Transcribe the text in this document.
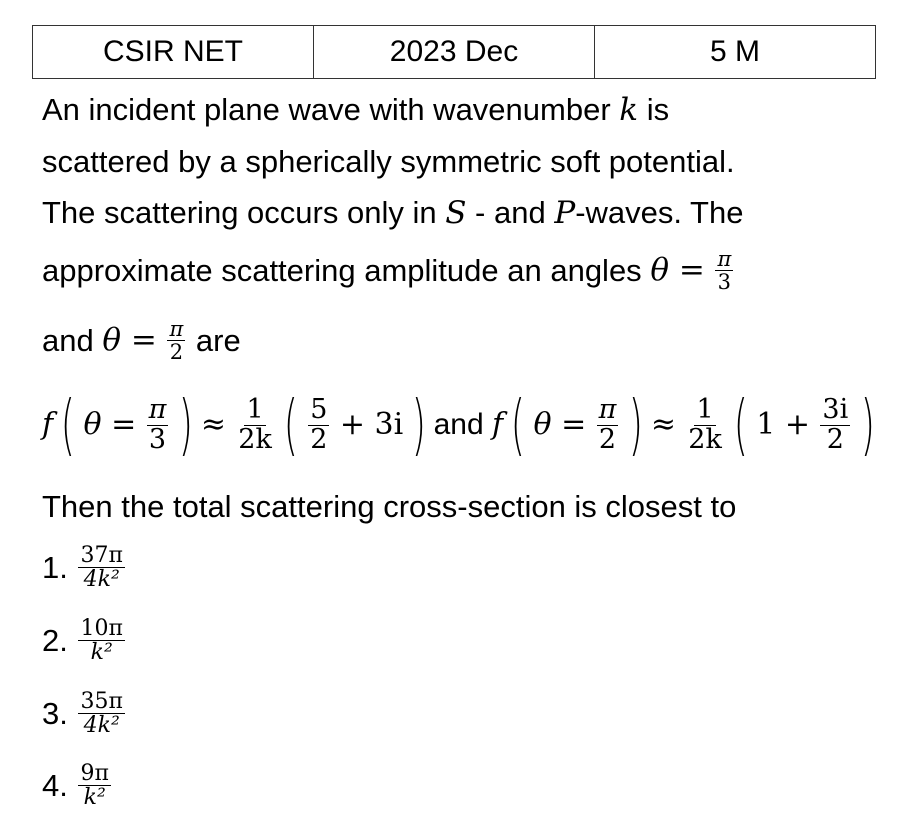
CSIR NET	2023 Dec	5 M
An incident plane wave with wavenumber k is
scattered by a spherically symmetric soft potential.
The scattering occurs only in S - and P-waves. The
approximate scattering amplitude an angles $\theta = \frac{\pi}{3}$
and $\theta = \frac{\pi}{2}$ are
f ( $\theta = \frac{\pi}{3}$ ) ≈ $\frac{1}{2k}$ ( $\frac{5}{2} + 3i$ ) and f ( $\theta = \frac{\pi}{2}$ ) ≈ $\frac{1}{2k}$ ( $1 + \frac{3i}{2}$ )
Then the total scattering cross-section is closest to
1. $\frac{37\pi}{\text{4k²}}$
2. $\frac{10\pi}{\text{k²}}$
3. $\frac{35\pi}{\text{4k²}}$
4. $\frac{9\pi}{\text{k²}}$
